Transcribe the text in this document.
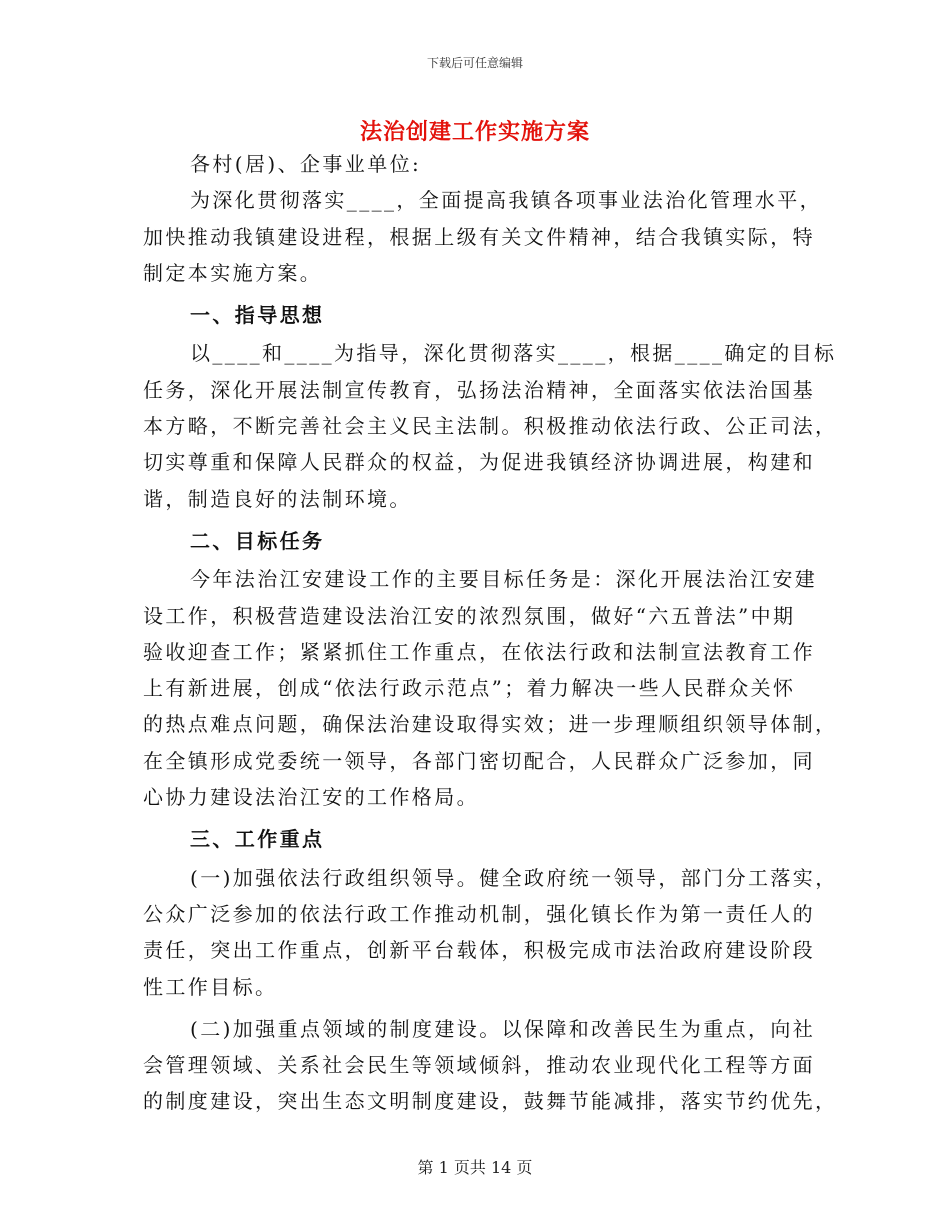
下载后可任意编辑
法治创建工作实施方案

各村(居)、企事业单位:

为深化贯彻落实____，全面提高我镇各项事业法治化管理水平，
加快推动我镇建设进程，根据上级有关文件精神，结合我镇实际，特
制定本实施方案。

一、指导思想

以____和____为指导，深化贯彻落实____，根据____确定的目标
任务，深化开展法制宣传教育，弘扬法治精神，全面落实依法治国基
本方略，不断完善社会主义民主法制。积极推动依法行政、公正司法，
切实尊重和保障人民群众的权益，为促进我镇经济协调进展，构建和
谐，制造良好的法制环境。

二、目标任务

今年法治江安建设工作的主要目标任务是：深化开展法治江安建
设工作，积极营造建设法治江安的浓烈氛围，做好“六五普法”中期
验收迎查工作；紧紧抓住工作重点，在依法行政和法制宣法教育工作
上有新进展，创成“依法行政示范点”；着力解决一些人民群众关怀
的热点难点问题，确保法治建设取得实效；进一步理顺组织领导体制，
在全镇形成党委统一领导，各部门密切配合，人民群众广泛参加，同
心协力建设法治江安的工作格局。

三、工作重点

(一)加强依法行政组织领导。健全政府统一领导，部门分工落实，
公众广泛参加的依法行政工作推动机制，强化镇长作为第一责任人的
责任，突出工作重点，创新平台载体，积极完成市法治政府建设阶段
性工作目标。

(二)加强重点领域的制度建设。以保障和改善民生为重点，向社
会管理领域、关系社会民生等领域倾斜，推动农业现代化工程等方面
的制度建设，突出生态文明制度建设，鼓舞节能减排，落实节约优先，

第 1 页共 14 页
